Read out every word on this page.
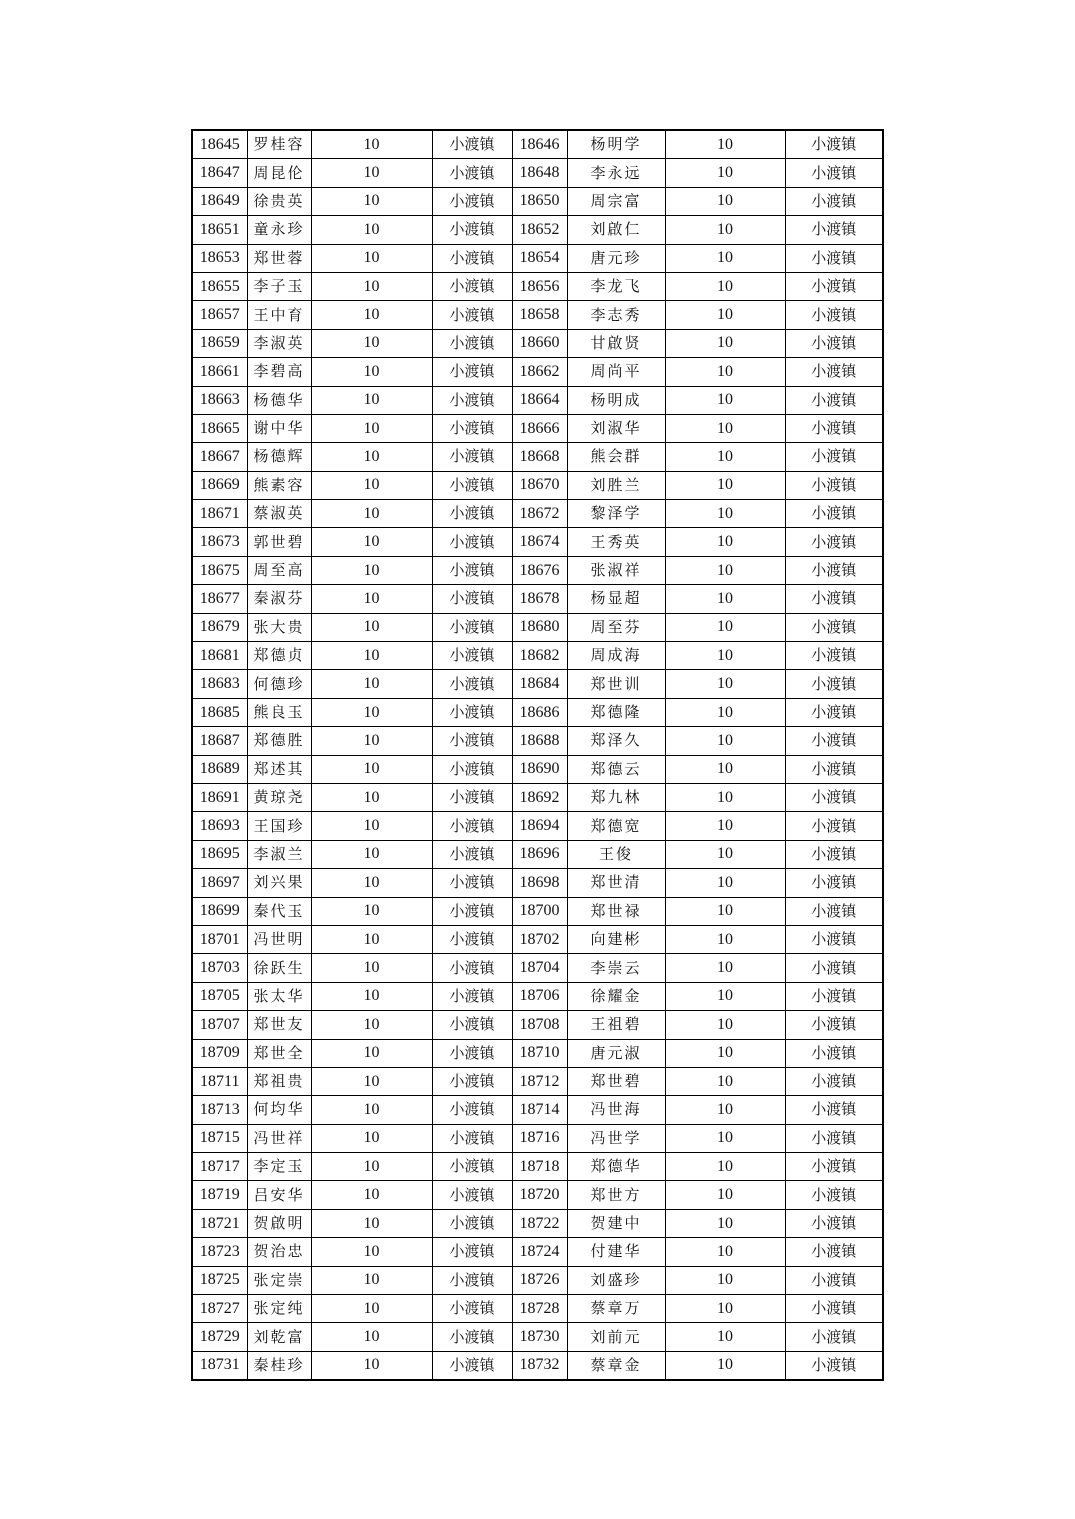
18645	罗桂容	10	小渡镇	18646	杨明学	10	小渡镇
18647	周昆伦	10	小渡镇	18648	李永远	10	小渡镇
18649	徐贵英	10	小渡镇	18650	周宗富	10	小渡镇
18651	童永珍	10	小渡镇	18652	刘啟仁	10	小渡镇
18653	郑世蓉	10	小渡镇	18654	唐元珍	10	小渡镇
18655	李子玉	10	小渡镇	18656	李龙飞	10	小渡镇
18657	王中育	10	小渡镇	18658	李志秀	10	小渡镇
18659	李淑英	10	小渡镇	18660	甘啟贤	10	小渡镇
18661	李碧高	10	小渡镇	18662	周尚平	10	小渡镇
18663	杨德华	10	小渡镇	18664	杨明成	10	小渡镇
18665	谢中华	10	小渡镇	18666	刘淑华	10	小渡镇
18667	杨德辉	10	小渡镇	18668	熊会群	10	小渡镇
18669	熊素容	10	小渡镇	18670	刘胜兰	10	小渡镇
18671	蔡淑英	10	小渡镇	18672	黎泽学	10	小渡镇
18673	郭世碧	10	小渡镇	18674	王秀英	10	小渡镇
18675	周至高	10	小渡镇	18676	张淑祥	10	小渡镇
18677	秦淑芬	10	小渡镇	18678	杨显超	10	小渡镇
18679	张大贵	10	小渡镇	18680	周至芬	10	小渡镇
18681	郑德贞	10	小渡镇	18682	周成海	10	小渡镇
18683	何德珍	10	小渡镇	18684	郑世训	10	小渡镇
18685	熊良玉	10	小渡镇	18686	郑德隆	10	小渡镇
18687	郑德胜	10	小渡镇	18688	郑泽久	10	小渡镇
18689	郑述其	10	小渡镇	18690	郑德云	10	小渡镇
18691	黄琼尧	10	小渡镇	18692	郑九林	10	小渡镇
18693	王国珍	10	小渡镇	18694	郑德宽	10	小渡镇
18695	李淑兰	10	小渡镇	18696	王俊	10	小渡镇
18697	刘兴果	10	小渡镇	18698	郑世清	10	小渡镇
18699	秦代玉	10	小渡镇	18700	郑世禄	10	小渡镇
18701	冯世明	10	小渡镇	18702	向建彬	10	小渡镇
18703	徐跃生	10	小渡镇	18704	李崇云	10	小渡镇
18705	张太华	10	小渡镇	18706	徐耀金	10	小渡镇
18707	郑世友	10	小渡镇	18708	王祖碧	10	小渡镇
18709	郑世全	10	小渡镇	18710	唐元淑	10	小渡镇
18711	郑祖贵	10	小渡镇	18712	郑世碧	10	小渡镇
18713	何均华	10	小渡镇	18714	冯世海	10	小渡镇
18715	冯世祥	10	小渡镇	18716	冯世学	10	小渡镇
18717	李定玉	10	小渡镇	18718	郑德华	10	小渡镇
18719	吕安华	10	小渡镇	18720	郑世方	10	小渡镇
18721	贺啟明	10	小渡镇	18722	贺建中	10	小渡镇
18723	贺治忠	10	小渡镇	18724	付建华	10	小渡镇
18725	张定崇	10	小渡镇	18726	刘盛珍	10	小渡镇
18727	张定纯	10	小渡镇	18728	蔡章万	10	小渡镇
18729	刘乾富	10	小渡镇	18730	刘前元	10	小渡镇
18731	秦桂珍	10	小渡镇	18732	蔡章金	10	小渡镇
